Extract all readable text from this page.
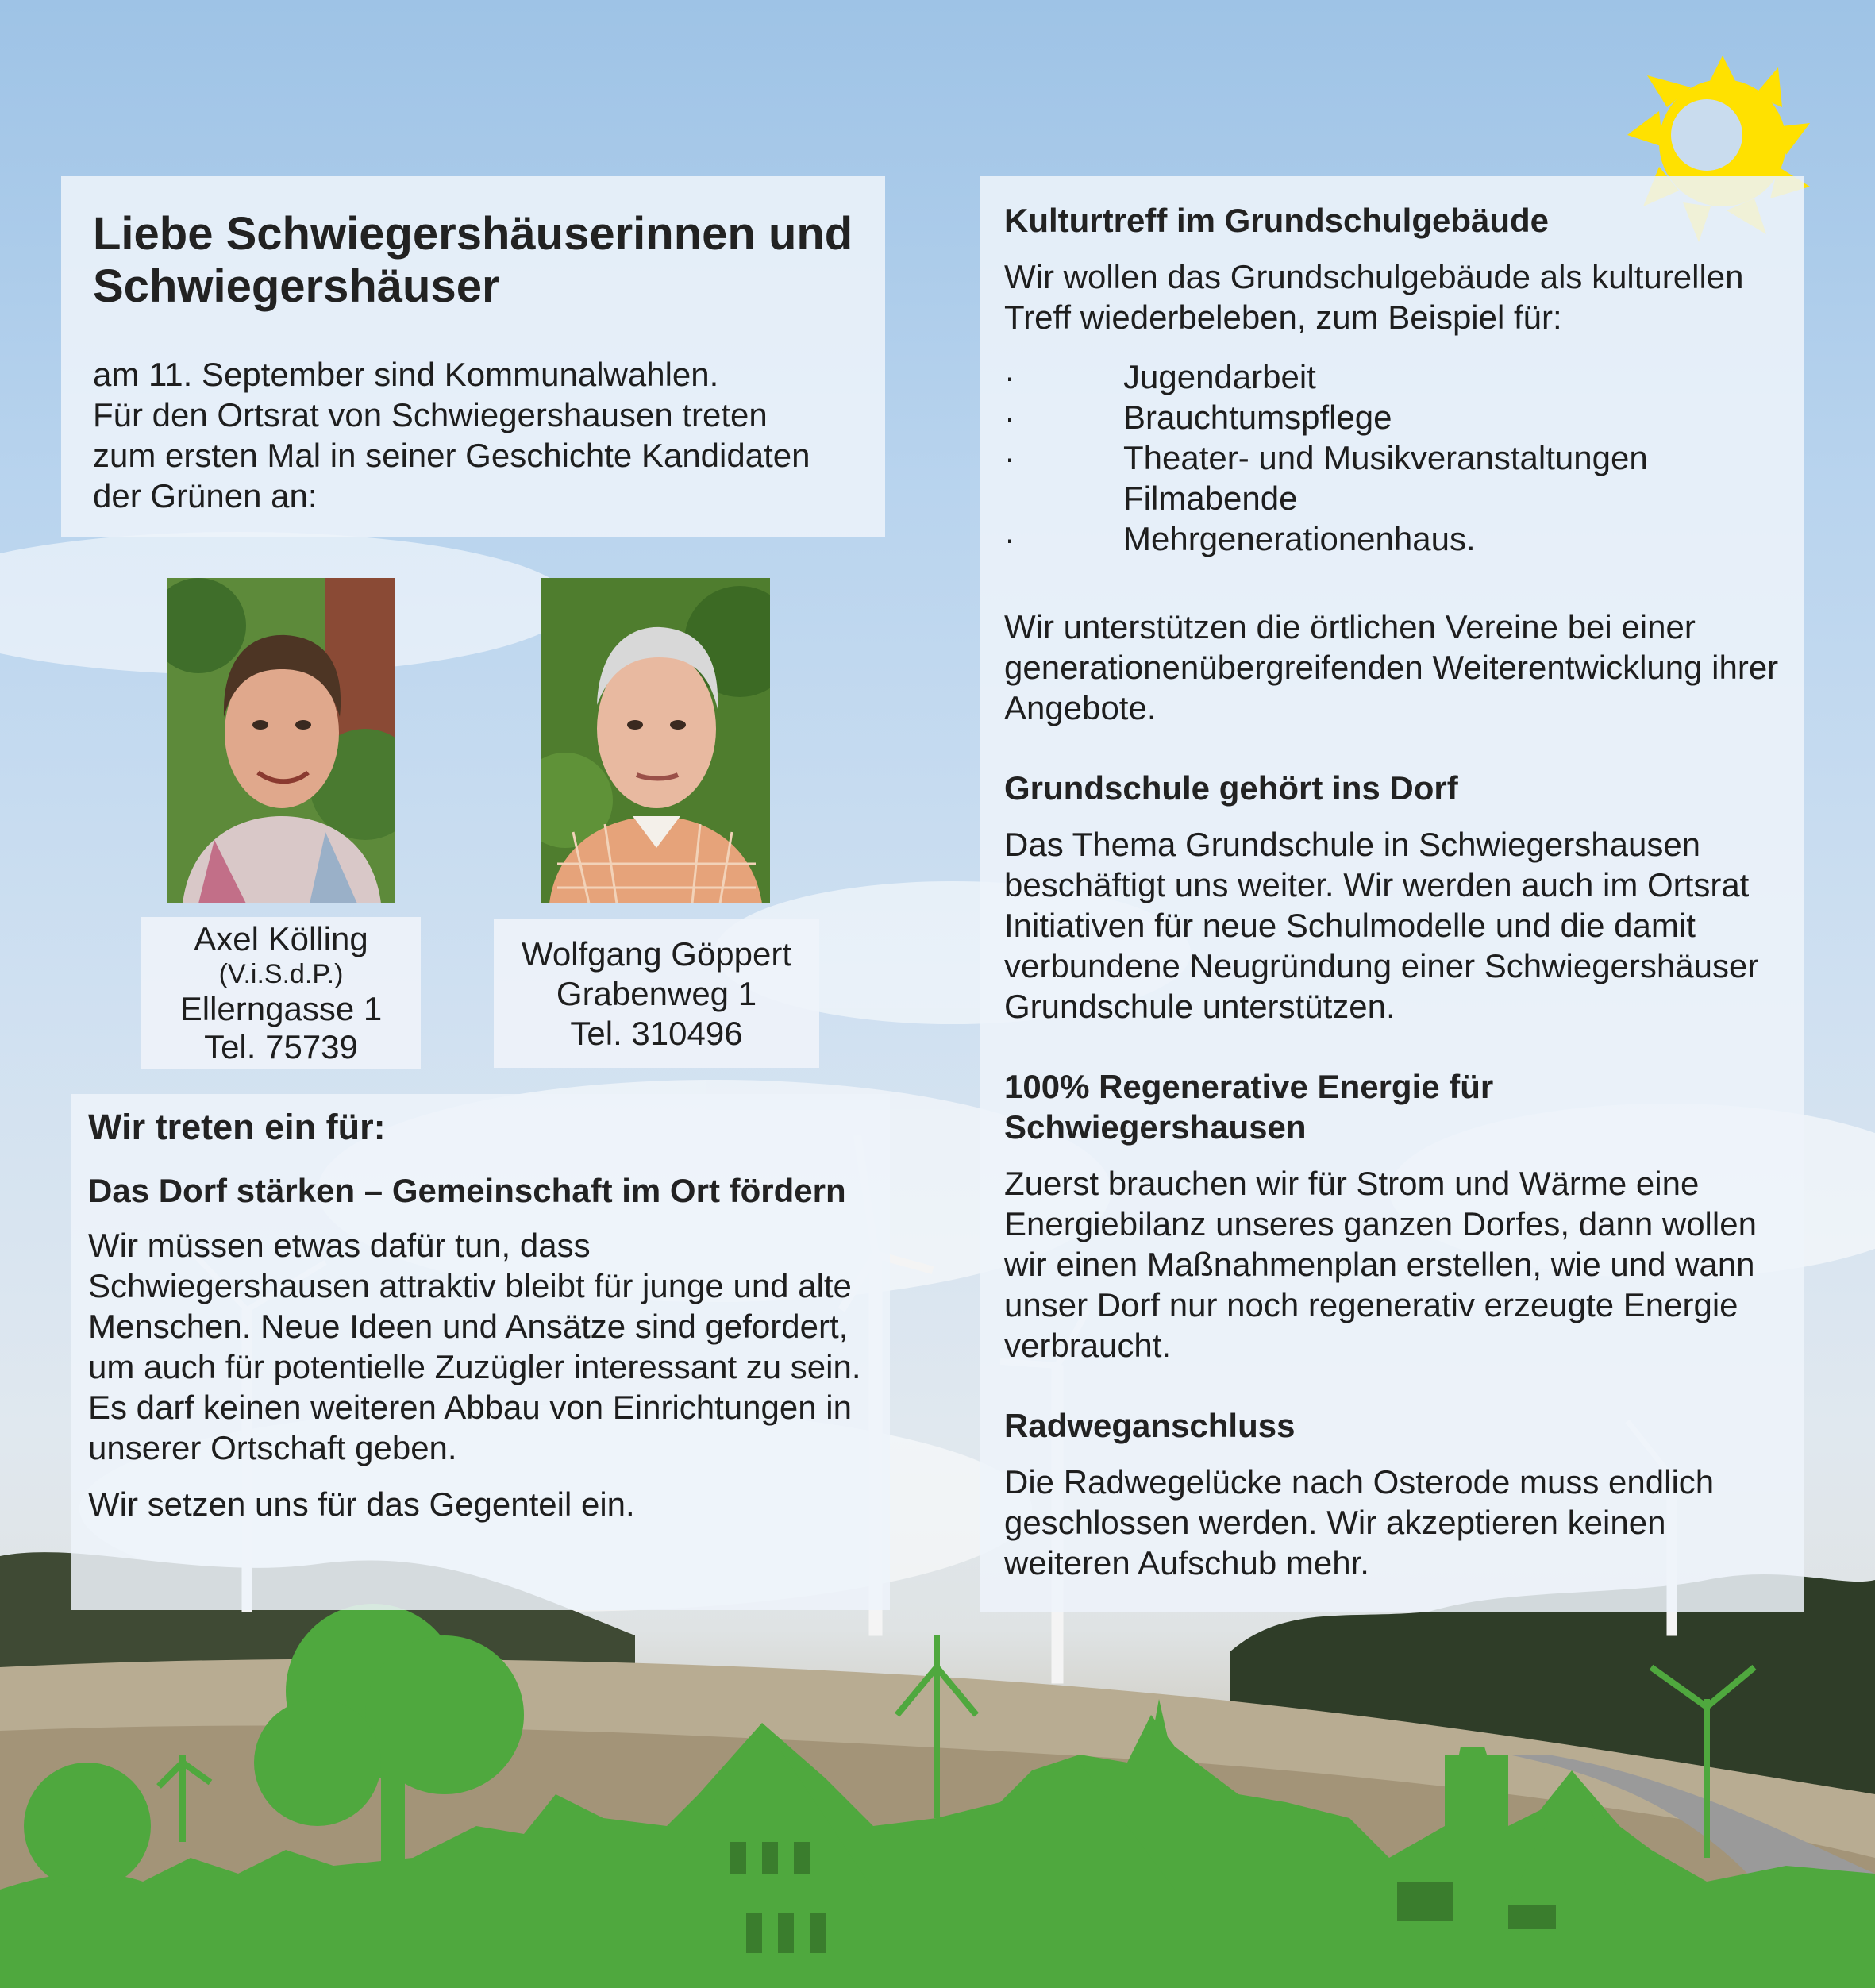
Liebe Schwiegershäuserinnen und Schwiegershäuser

am 11. September sind Kommunalwahlen.

Für den Ortsrat von Schwiegershausen treten

zum ersten Mal in seiner Geschichte Kandidaten

der Grünen an:

Axel Kölling
(V.i.S.d.P.)
Ellerngasse 1
Tel. 75739
Wolfgang Göppert
Grabenweg 1
Tel. 310496
Wir treten ein für:
Das Dorf stärken – Gemeinschaft im Ort fördern

Wir müssen etwas dafür tun, dass Schwiegershausen attraktiv bleibt für junge und alte Menschen. Neue Ideen und Ansätze sind gefordert, um auch für potentielle Zuzügler interessant zu sein. Es darf keinen weiteren Abbau von Einrichtungen in unserer Ortschaft geben.

Wir setzen uns für das Gegenteil ein.

Kulturtreff im Grundschulgebäude

Wir wollen das Grundschulgebäude als kulturellen Treff wiederbeleben, zum Beispiel für:

·	Jugendarbeit
·	Brauchtumspflege
·	Theater- und Musikveranstaltungen
Filmabende
·	Mehrgenerationenhaus.

Wir unterstützen die örtlichen Vereine bei einer generationenübergreifenden Weiterentwicklung ihrer Angebote.

Grundschule gehört ins Dorf

Das Thema Grundschule in Schwiegershausen beschäftigt uns weiter. Wir werden auch im Ortsrat Initiativen für neue Schulmodelle und die damit verbundene Neugründung einer Schwiegershäuser Grundschule unterstützen.

100% Regenerative Energie für Schwiegershausen

Zuerst brauchen wir für Strom und Wärme eine Energiebilanz unseres ganzen Dorfes, dann wollen wir einen Maßnahmenplan erstellen, wie und wann unser Dorf nur noch regenerativ erzeugte Energie verbraucht.

Radweganschluss

Die Radwegelücke nach Osterode muss endlich geschlossen werden. Wir akzeptieren keinen weiteren Aufschub mehr.
